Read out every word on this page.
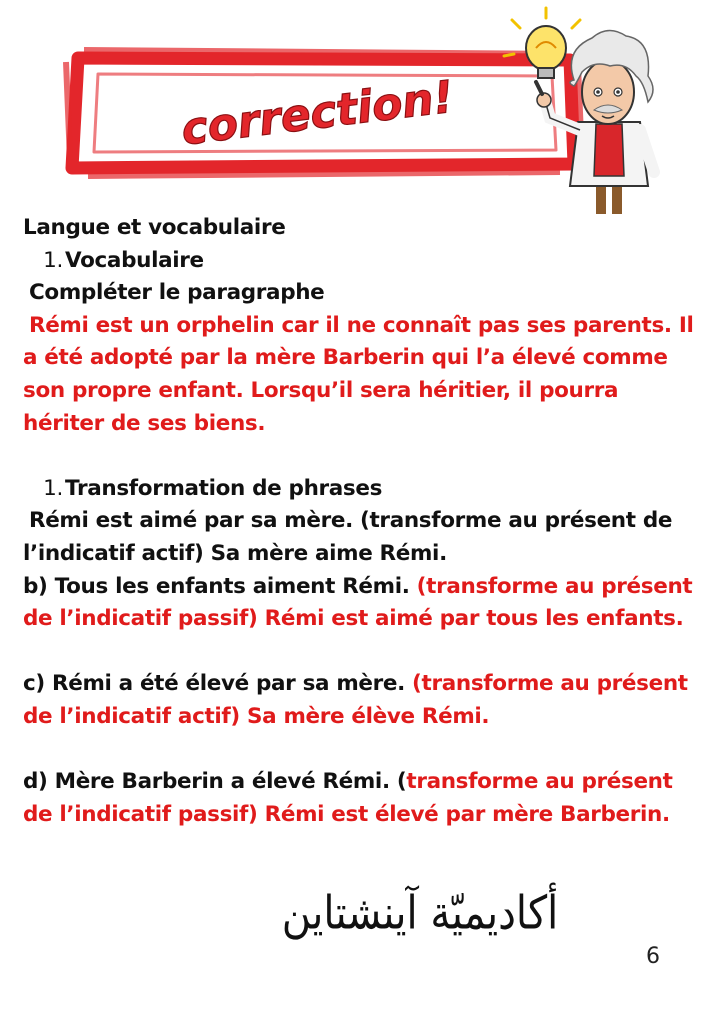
correction!

Langue et vocabulaire

1.Vocabulaire

Compléter le paragraphe

Rémi est un orphelin car il ne connaît pas ses parents. Il a été adopté par la mère Barberin qui l’a élevé comme son propre enfant. Lorsqu’il sera héritier, il pourra hériter de ses biens.

1.Transformation de phrases

Rémi est aimé par sa mère. (transforme au présent de l’indicatif actif) Sa mère aime Rémi.

b) Tous les enfants aiment Rémi. (transforme au présent de l’indicatif passif) Rémi est aimé par tous les enfants.

c) Rémi a été élevé par sa mère. (transforme au présent de l’indicatif actif) Sa mère élève Rémi.

d) Mère Barberin a élevé Rémi. (transforme au présent de l’indicatif passif) Rémi est élevé par mère Barberin.

أكاديميّة آينشتاين
6
